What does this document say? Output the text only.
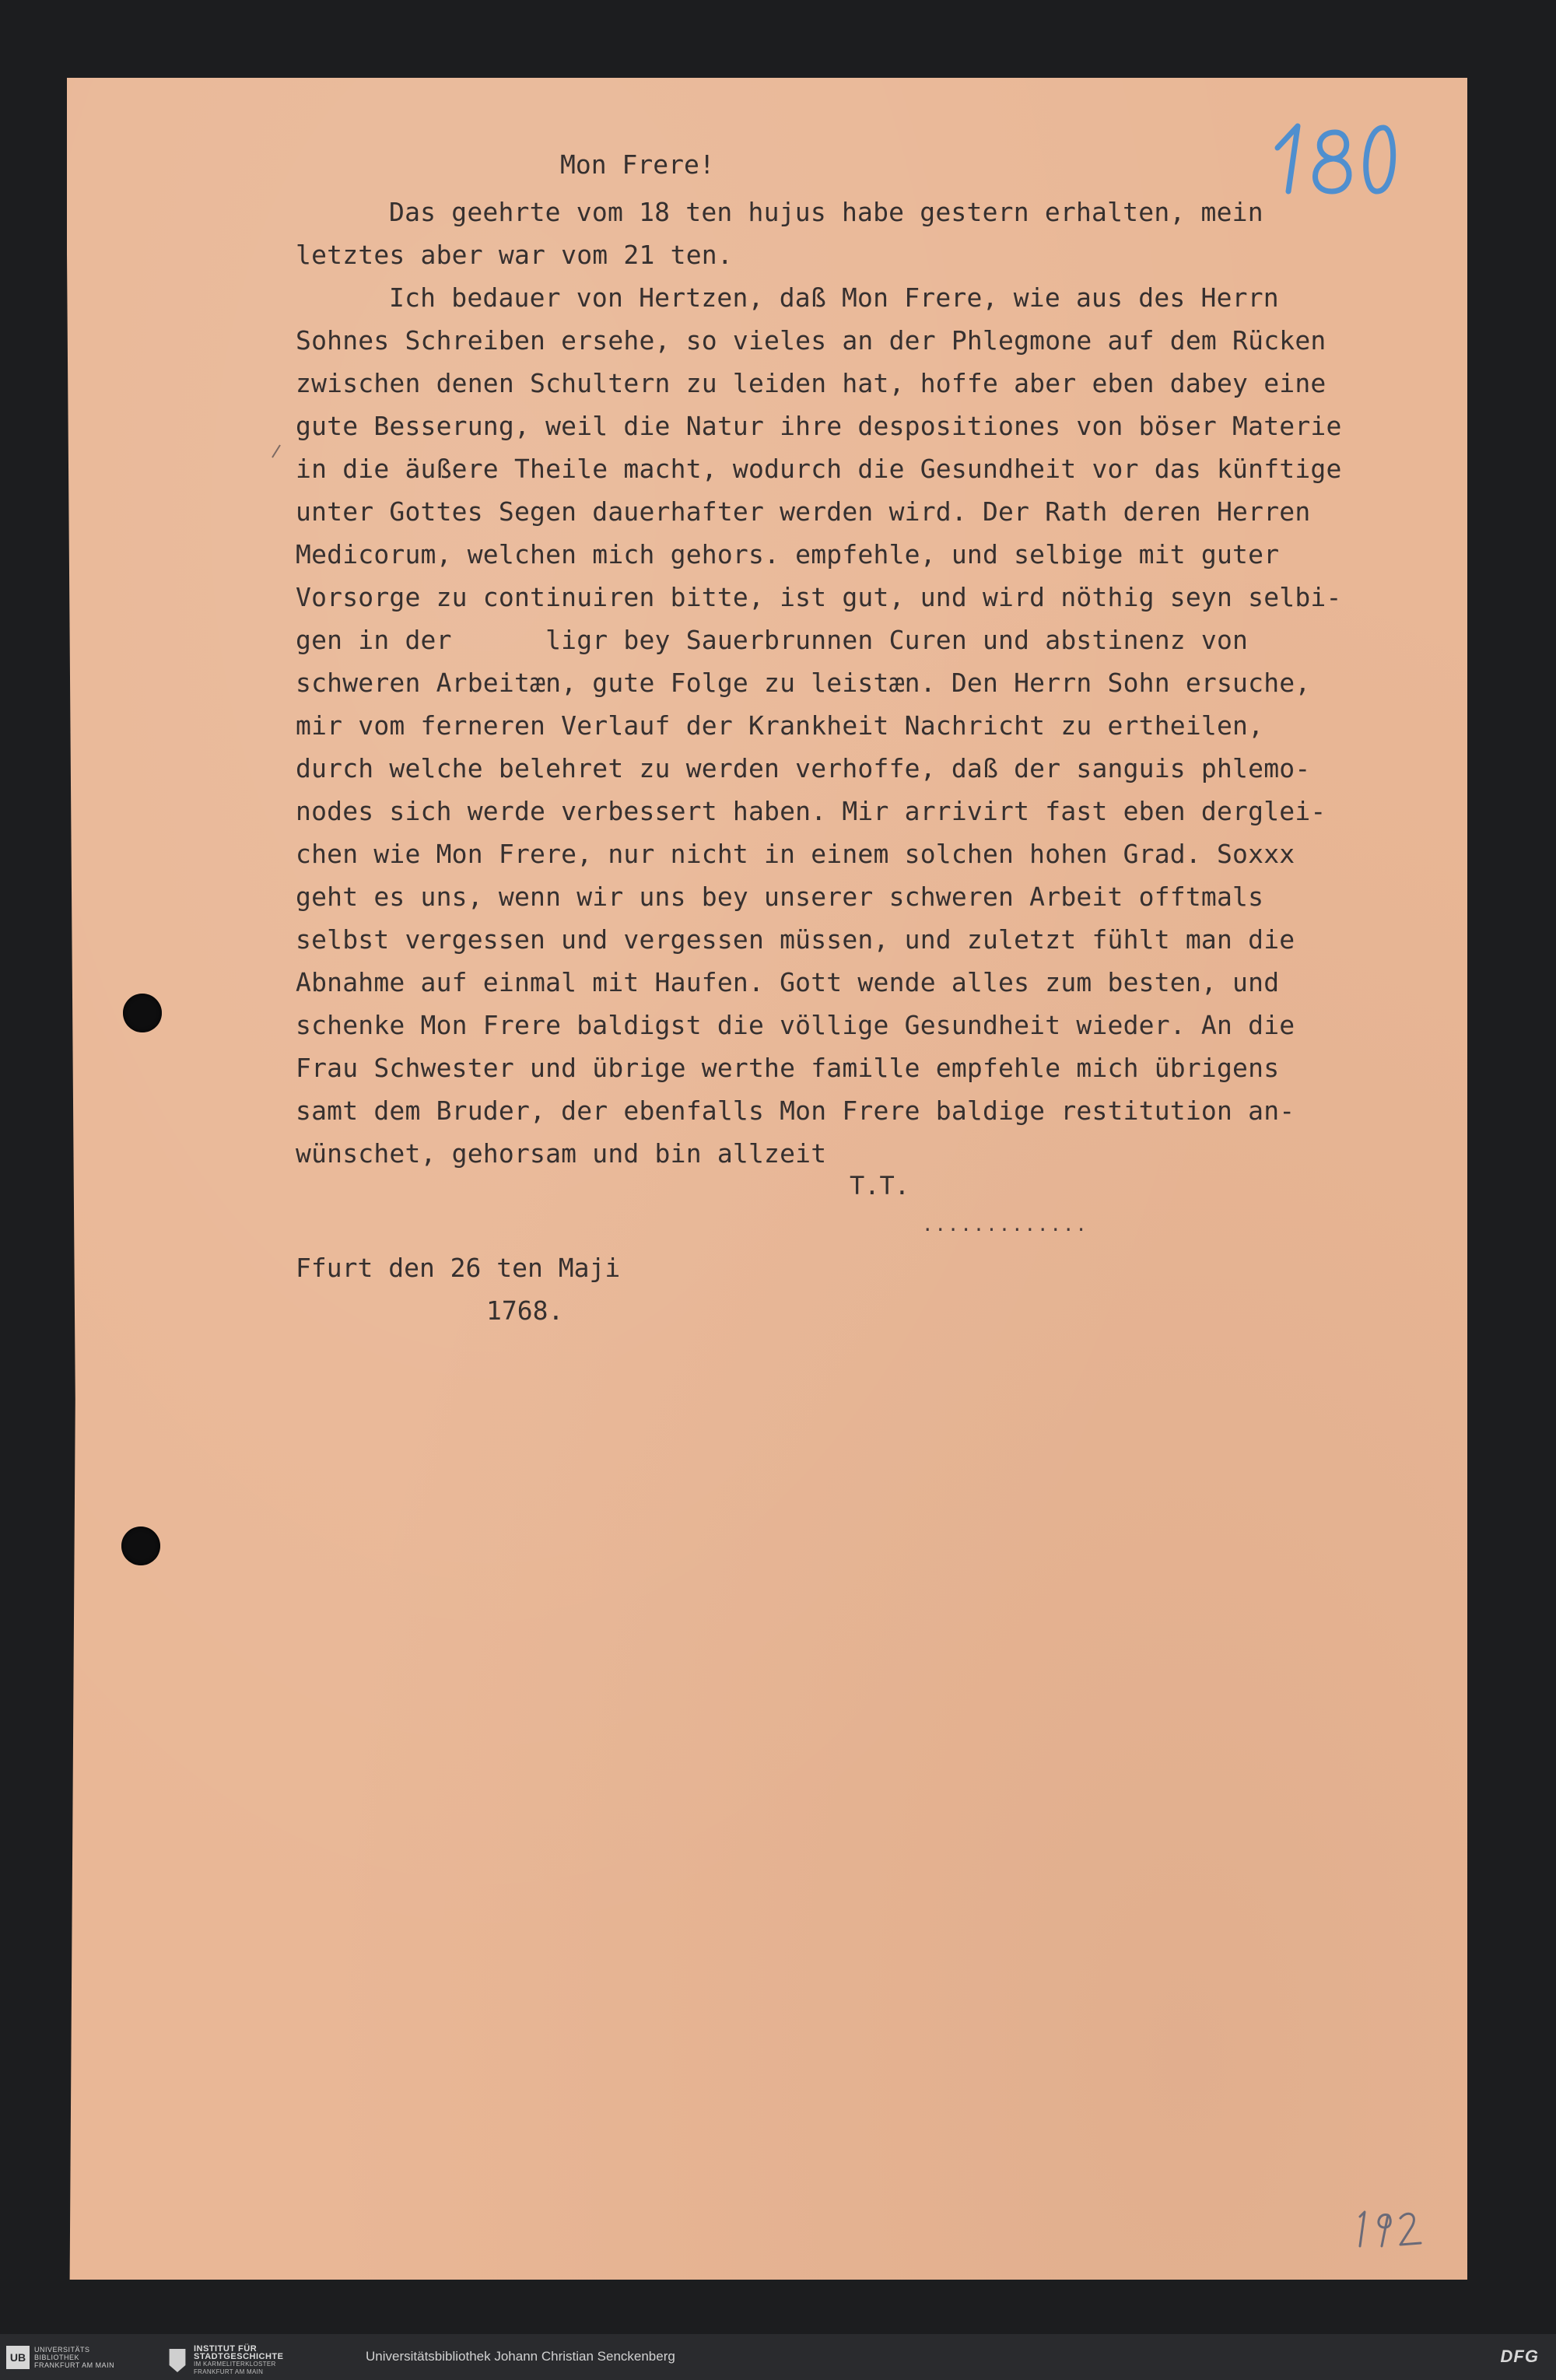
Mon Frere!
Das geehrte vom 18 ten hujus habe gestern erhalten, mein
letztes aber war vom 21 ten.
Ich bedauer von Hertzen, daß Mon Frere, wie aus des Herrn
Sohnes Schreiben ersehe, so vieles an der Phlegmone auf dem Rücken
zwischen denen Schultern zu leiden hat, hoffe aber eben dabey eine
gute Besserung, weil die Natur ihre despositiones von böser Materie
in die äußere Theile macht, wodurch die Gesundheit vor das künftige
unter Gottes Segen dauerhafter werden wird. Der Rath deren Herren
Medicorum, welchen mich gehors. empfehle, und selbige mit guter
Vorsorge zu continuiren bitte, ist gut, und wird nöthig seyn selbi-
gen in der      ligr bey Sauerbrunnen Curen und abstinenz von
schweren Arbeitæn, gute Folge zu leistæn. Den Herrn Sohn ersuche,
mir vom ferneren Verlauf der Krankheit Nachricht zu ertheilen,
durch welche belehret zu werden verhoffe, daß der sanguis phlemo-
nodes sich werde verbessert haben. Mir arrivirt fast eben derglei-
chen wie Mon Frere, nur nicht in einem solchen hohen Grad. Soxxx
geht es uns, wenn wir uns bey unserer schweren Arbeit offtmals
selbst vergessen und vergessen müssen, und zuletzt fühlt man die
Abnahme auf einmal mit Haufen. Gott wende alles zum besten, und
schenke Mon Frere baldigst die völlige Gesundheit wieder. An die
Frau Schwester und übrige werthe famille empfehle mich übrigens
samt dem Bruder, der ebenfalls Mon Frere baldige restitution an-
wünschet, gehorsam und bin allzeit
T.T.
.............
Ffurt den 26 ten Maji
1768.
UB
UNIVERSITÄTS
BIBLIOTHEK
FRANKFURT AM MAIN
INSTITUT FÜR
STADTGESCHICHTE
IM KARMELITERKLOSTER
FRANKFURT AM MAIN
Universitätsbibliothek Johann Christian Senckenberg	DFG
